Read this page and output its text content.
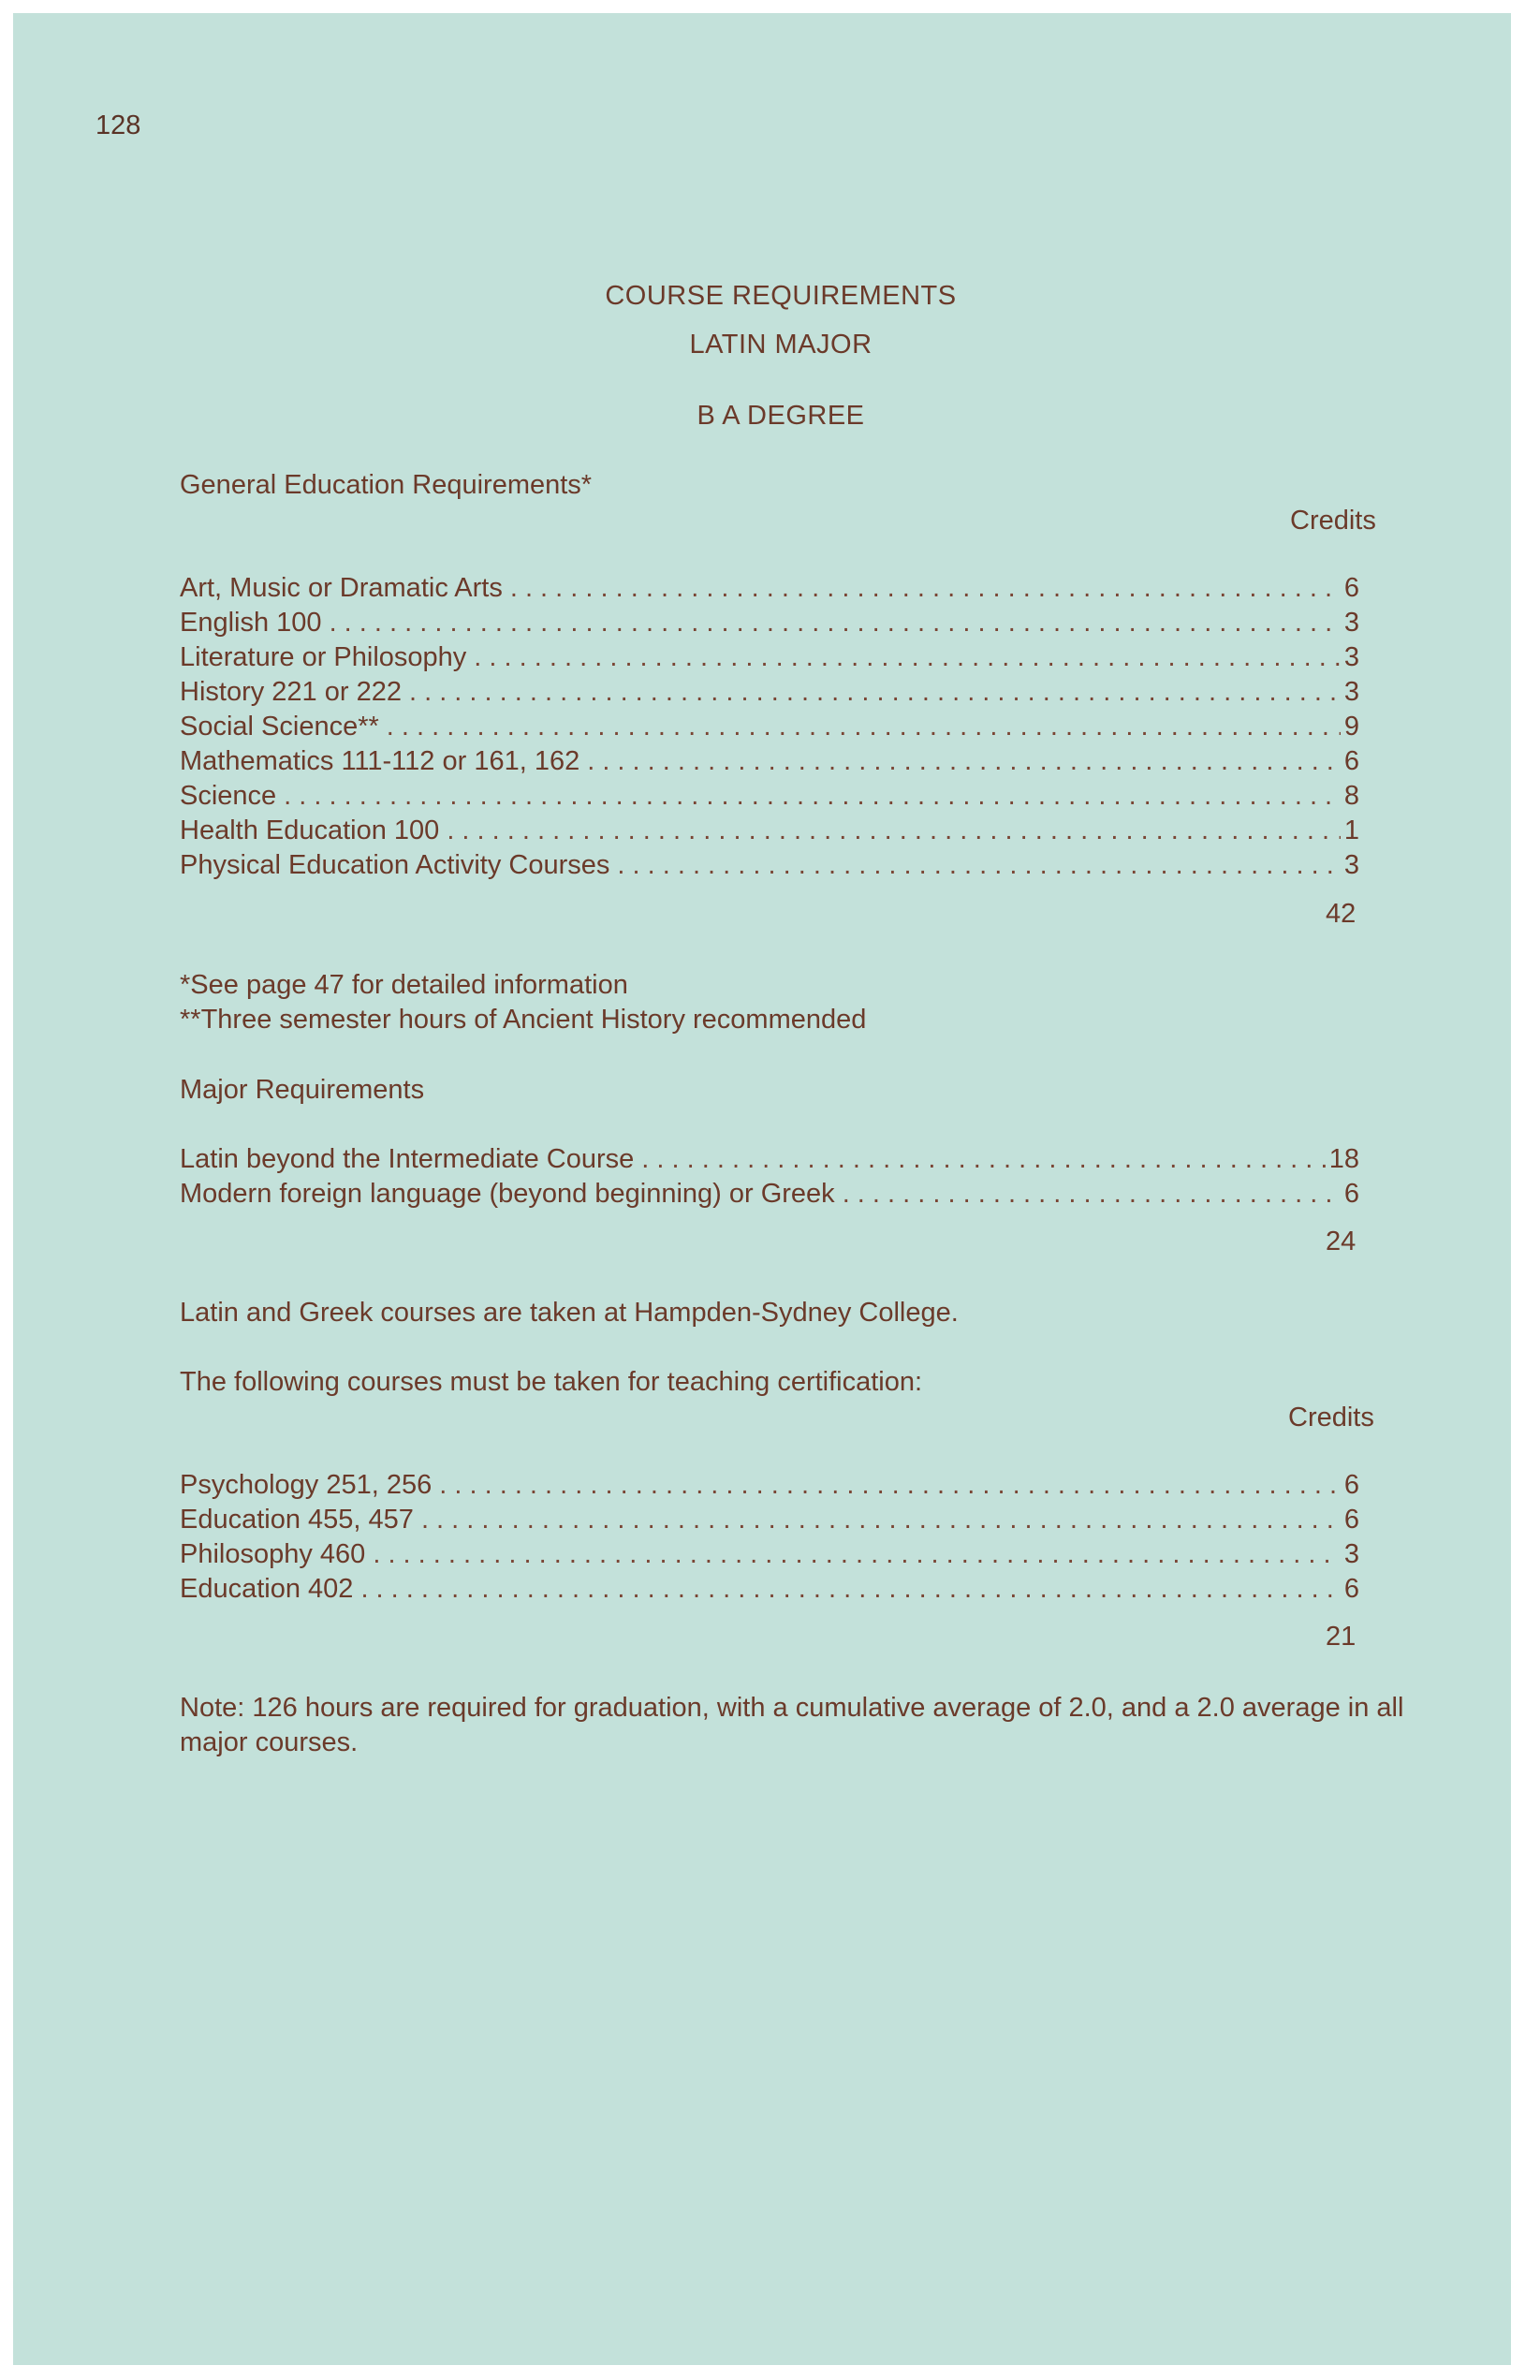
128
COURSE REQUIREMENTS
LATIN MAJOR
B A DEGREE
General Education Requirements*
Credits
Art, Music or Dramatic Arts . . .	6
English 100 . . .	3
Literature or Philosophy . . .	3
History 221 or 222 . . .	3
Social Science** . . .	9
Mathematics 111-112 or 161, 162 . . .	6
Science . . .	8
Health Education 100 . . .	1
Physical Education Activity Courses . . .	3
42
*See page 47 for detailed information
**Three semester hours of Ancient History recommended
Major Requirements
Latin beyond the Intermediate Course . . .	18
Modern foreign language (beyond beginning) or Greek . . .	6
24
Latin and Greek courses are taken at Hampden-Sydney College.
The following courses must be taken for teaching certification:
Credits
Psychology 251, 256 . . .	6
Education 455, 457 . . .	6
Philosophy 460 . . .	3
Education 402 . . .	6
21
Note: 126 hours are required for graduation, with a cumulative average of 2.0, and a 2.0 average in all major courses.
